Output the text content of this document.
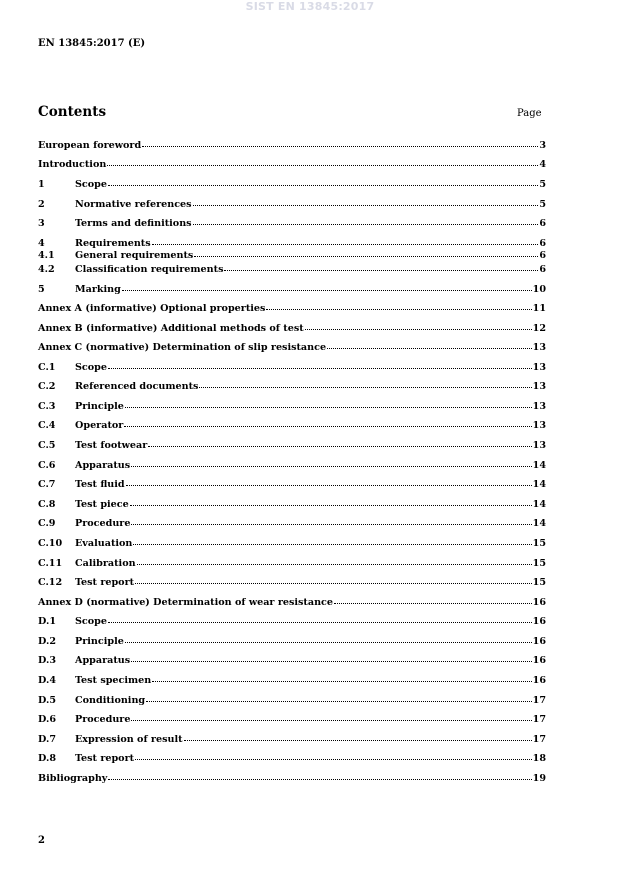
SIST EN 13845:2017
EN 13845:2017 (E)
Contents	Page
European foreword	3
Introduction	4
1	Scope	5
2	Normative references	5
3	Terms and definitions	6
4	Requirements	6
4.1	General requirements	6
4.2	Classification requirements	6
5	Marking	10
Annex A (informative) Optional properties	11
Annex B (informative) Additional methods of test	12
Annex C (normative) Determination of slip resistance	13
C.1	Scope	13
C.2	Referenced documents	13
C.3	Principle	13
C.4	Operator	13
C.5	Test footwear	13
C.6	Apparatus	14
C.7	Test fluid	14
C.8	Test piece	14
C.9	Procedure	14
C.10	Evaluation	15
C.11	Calibration	15
C.12	Test report	15
Annex D (normative) Determination of wear resistance	16
D.1	Scope	16
D.2	Principle	16
D.3	Apparatus	16
D.4	Test specimen	16
D.5	Conditioning	17
D.6	Procedure	17
D.7	Expression of result	17
D.8	Test report	18
Bibliography	19
2
